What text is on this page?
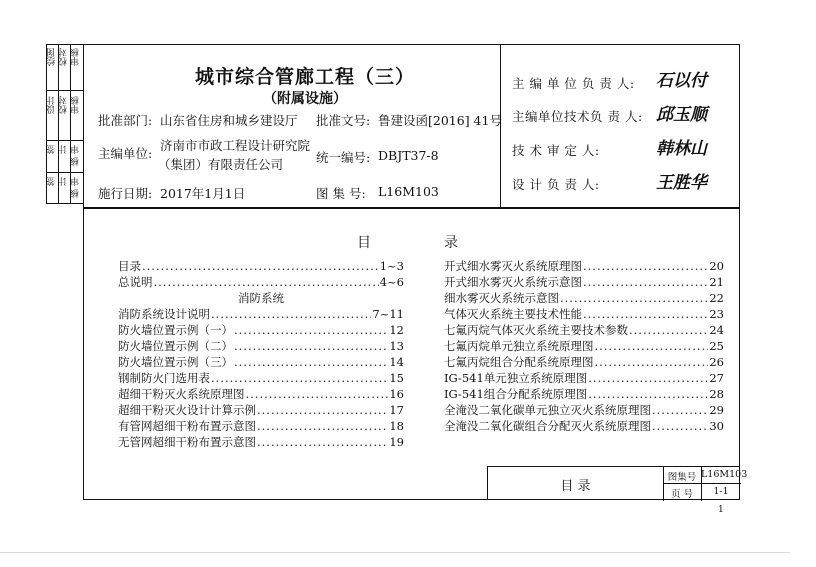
绘图 校对 审核
设计 校对 审核
签 计 审
核
签 计 审
核
城市综合管廊工程（三）
（附属设施）
批准部门: 山东省住房和城乡建设厅 批准文号: 鲁建设函[2016] 41号
主编单位:
济南市市政工程设计研究院
（集团）有限责任公司	统一编号: DBJT37-8
施行日期: 2017年1月1日	图 集 号: L16M103
主 编 单 位 负 责 人: 石以付
主编单位技术负 责 人: 邱玉顺
技 术 审 定 人:	韩林山
设 计 负 责 人:	王胜华
目	录
目录 .....	1~3
总说明 .....	4~6
消防系统
消防系统设计说明 .....	7~11
防火墙位置示例（一） .....	12
防火墙位置示例（二） .....	13
防火墙位置示例（三） .....	14
钢制防火门选用表 .....	15
超细干粉灭火系统原理图 .....	16
超细干粉灭火设计计算示例 .....	17
有管网超细干粉布置示意图 .....	18
无管网超细干粉布置示意图 .....	19
开式细水雾灭火系统原理图 .....	20
开式细水雾灭火系统示意图 .....	21
细水雾灭火系统示意图 .....	22
气体灭火系统主要技术性能 .....	23
七氟丙烷气体灭火系统主要技术参数 .....	24
七氟丙烷单元独立系统原理图 .....	25
七氟丙烷组合分配系统原理图 .....	26
IG-541单元独立系统原理图 .....	27
IG-541组合分配系统原理图 .....	28
全淹没二氧化碳单元独立灭火系统原理图 .....	29
全淹没二氧化碳组合分配灭火系统原理图 .....	30
目 录
图集号 L16M103
页 号	1-1
1
